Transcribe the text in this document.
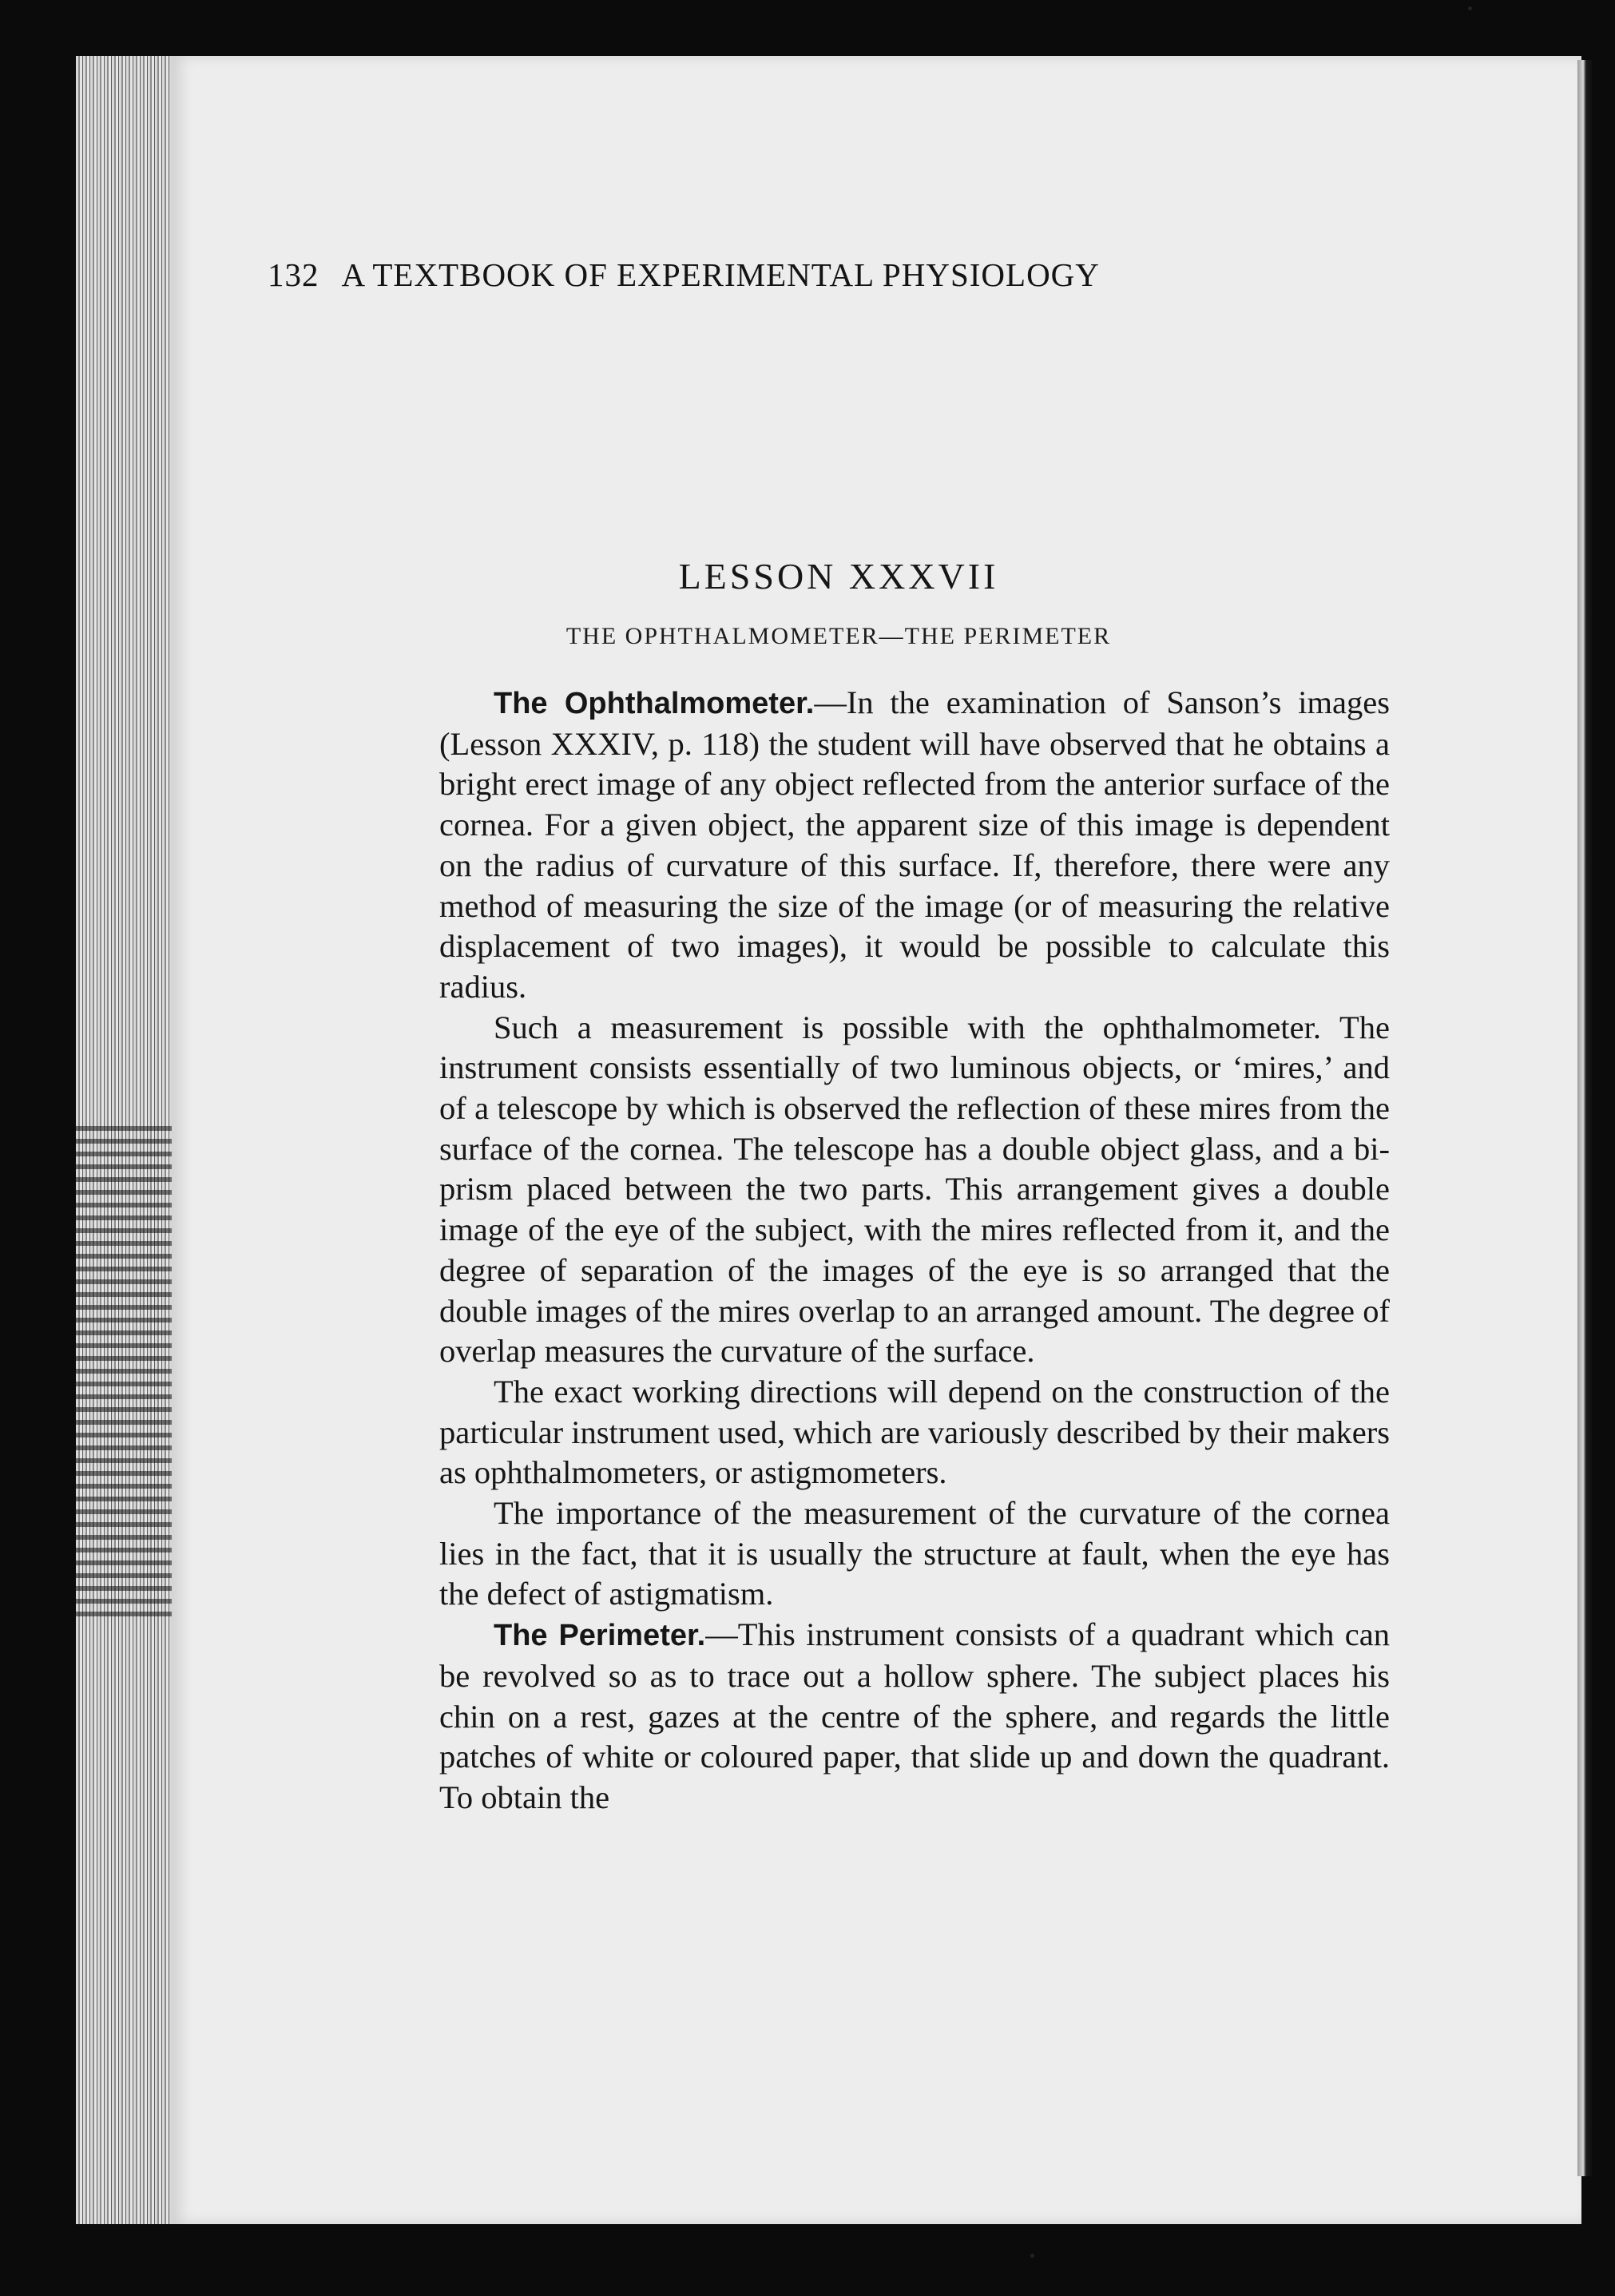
132 A TEXTBOOK OF EXPERIMENTAL PHYSIOLOGY
LESSON XXXVII
THE OPHTHALMOMETER—THE PERIMETER

The Ophthalmometer.—In the examination of Sanson’s images (Lesson XXXIV, p. 118) the student will have observed that he obtains a bright erect image of any object reflected from the anterior surface of the cornea. For a given object, the apparent size of this image is dependent on the radius of curvature of this surface. If, therefore, there were any method of measuring the size of the image (or of measuring the relative displacement of two images), it would be possible to calculate this radius.

Such a measurement is possible with the ophthalmometer. The instrument consists essentially of two luminous objects, or ‘mires,’ and of a telescope by which is observed the reflection of these mires from the surface of the cornea. The telescope has a double object glass, and a bi-prism placed between the two parts. This arrangement gives a double image of the eye of the subject, with the mires reflected from it, and the degree of separation of the images of the eye is so arranged that the double images of the mires overlap to an arranged amount. The degree of overlap measures the curvature of the surface.

The exact working directions will depend on the construction of the particular instrument used, which are variously described by their makers as ophthalmometers, or astigmometers.

The importance of the measurement of the curvature of the cornea lies in the fact, that it is usually the structure at fault, when the eye has the defect of astigmatism.

The Perimeter.—This instrument consists of a quadrant which can be revolved so as to trace out a hollow sphere. The subject places his chin on a rest, gazes at the centre of the sphere, and regards the little patches of white or coloured paper, that slide up and down the quadrant. To obtain the
